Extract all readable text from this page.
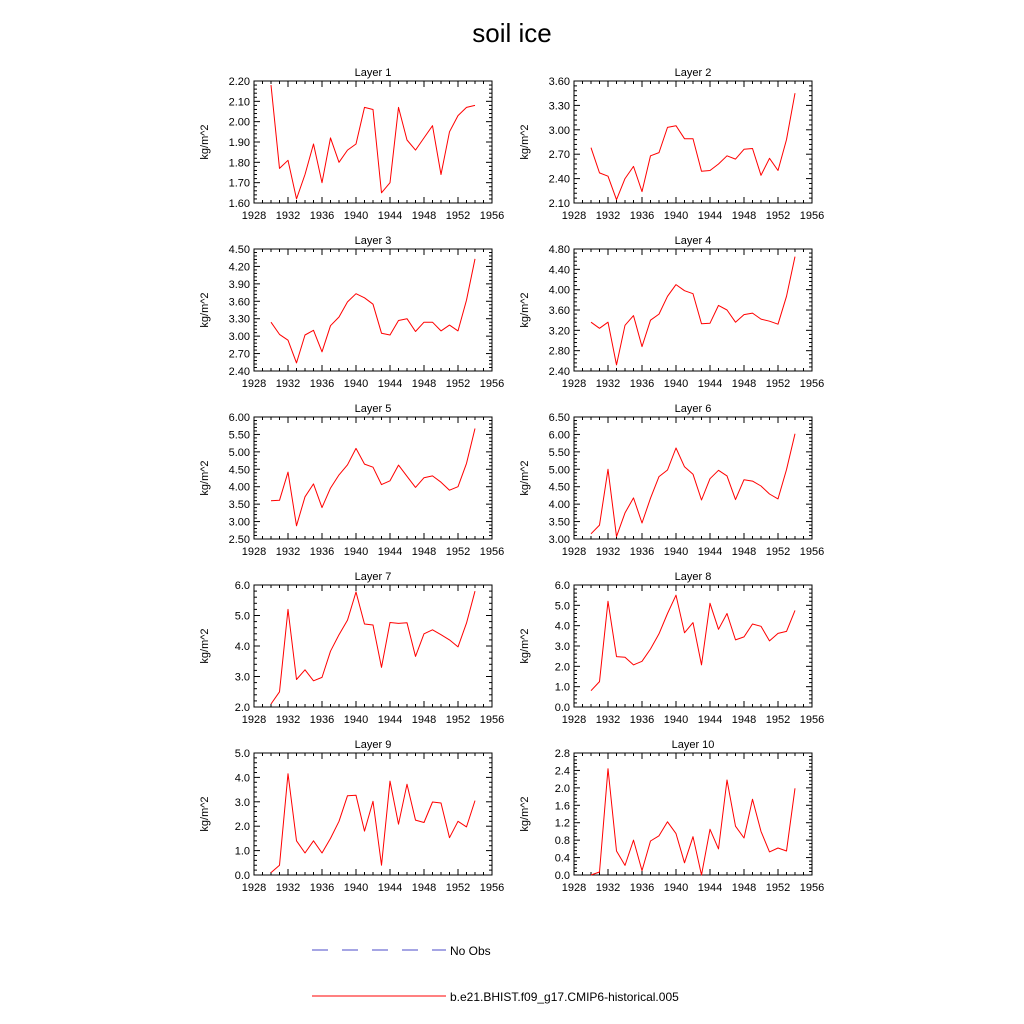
soil ice
Layer 1
1928 1932 1936 1940 1944 1948 1952 1956
1.60
1.70
1.80
1.90
2.00
2.10
2.20
kg/m^2
Layer 2
1928 1932 1936 1940 1944 1948 1952 1956
2.10
2.40
2.70
3.00
3.30
3.60
kg/m^2
Layer 3
1928 1932 1936 1940 1944 1948 1952 1956
2.40
2.70
3.00
3.30
3.60
3.90
4.20
4.50
kg/m^2
Layer 4
1928 1932 1936 1940 1944 1948 1952 1956
2.40
2.80
3.20
3.60
4.00
4.40
4.80
kg/m^2
Layer 5
1928 1932 1936 1940 1944 1948 1952 1956
2.50
3.00
3.50
4.00
4.50
5.00
5.50
6.00
kg/m^2
Layer 6
1928 1932 1936 1940 1944 1948 1952 1956
3.00
3.50
4.00
4.50
5.00
5.50
6.00
6.50
kg/m^2
Layer 7
1928 1932 1936 1940 1944 1948 1952 1956
2.0
3.0
4.0
5.0
6.0
kg/m^2
Layer 8
1928 1932 1936 1940 1944 1948 1952 1956
0.0
1.0
2.0
3.0
4.0
5.0
6.0
kg/m^2
Layer 9
1928 1932 1936 1940 1944 1948 1952 1956
0.0
1.0
2.0
3.0
4.0
5.0
kg/m^2
Layer 10
1928 1932 1936 1940 1944 1948 1952 1956
0.0
0.4
0.8
1.2
1.6
2.0
2.4
2.8
kg/m^2
No Obs
b.e21.BHIST.f09_g17.CMIP6-historical.005
